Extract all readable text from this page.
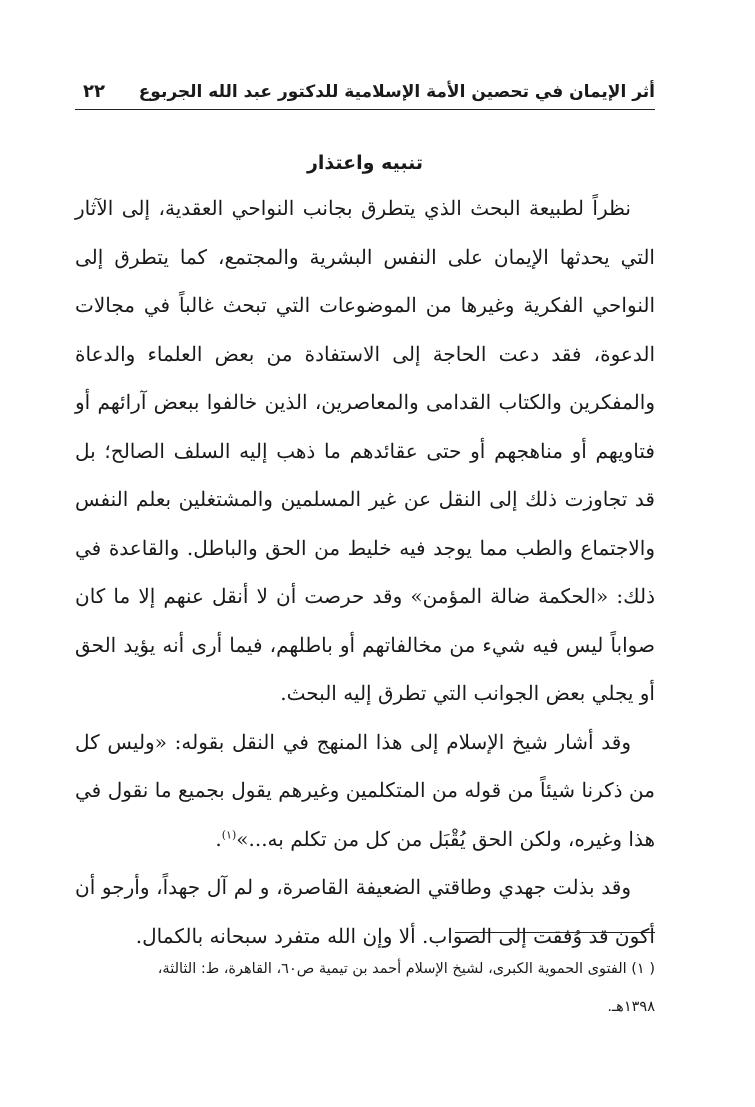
أثر الإيمان في تحصين الأمة الإسلامية للدكتور عبد الله الجربوع
٢٢
تنبيه واعتذار

نظراً لطبيعة البحث الذي يتطرق بجانب النواحي العقدية، إلى الآثار التي يحدثها الإيمان على النفس البشرية والمجتمع، كما يتطرق إلى النواحي الفكرية وغيرها من الموضوعات التي تبحث غالباً في مجالات الدعوة، فقد دعت الحاجة إلى الاستفادة من بعض العلماء والدعاة والمفكرين والكتاب القدامى والمعاصرين، الذين خالفوا ببعض آرائهم أو فتاويهم أو مناهجهم أو حتى عقائدهم ما ذهب إليه السلف الصالح؛ بل قد تجاوزت ذلك إلى النقل عن غير المسلمين والمشتغلين بعلم النفس والاجتماع والطب مما يوجد فيه خليط من الحق والباطل. والقاعدة في ذلك: «الحكمة ضالة المؤمن» وقد حرصت أن لا أنقل عنهم إلا ما كان صواباً ليس فيه شيء من مخالفاتهم أو باطلهم، فيما أرى أنه يؤيد الحق أو يجلي بعض الجوانب التي تطرق إليه البحث.

وقد أشار شيخ الإسلام إلى هذا المنهج في النقل بقوله: «وليس كل من ذكرنا شيئاً من قوله من المتكلمين وغيرهم يقول بجميع ما نقول في هذا وغيره، ولكن الحق يُقْبَل من كل من تكلم به...»$^{(١)}$.

وقد بذلت جهدي وطاقتي الضعيفة القاصرة، و لم آل جهداً، وأرجو أن أكون قد وُفقت إلى الصواب. ألا وإن الله متفرد سبحانه بالكمال.

( ١) الفتوى الحموية الكبرى، لشيخ الإسلام أحمد بن تيمية ص٦٠، القاهرة، ط: الثالثة،
١٣٩٨هـ.
